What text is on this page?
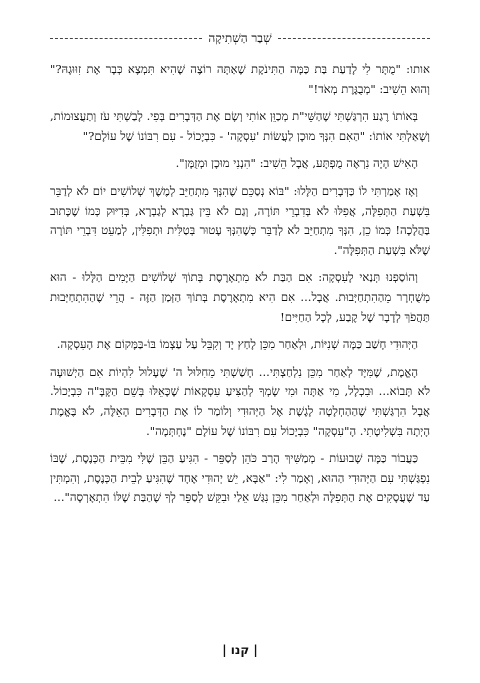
שְׁבַר הַשְׁתִיקָה

אותו: "מֻתָּר לִי לָדַעַת בַּת כַּמָּה הַתִּינֹקֶת שֶׁאַתָּה רוֹצֶה שֶׁהִיא תִּמְצָא כְּבָר אֶת זִוּוּגָהּ?" וְהוּא הֵשִׁיב: "מְבֻגֶּרֶת מְאֹד!"

בְּאוֹתוֹ רֶגַע הִרְגַּשְׁתִּי שֶׁהַשֵּׁי"ת מְכַוֵּן אוֹתִי וְשָׂם אֶת הַדְּבָרִים בְּפִי. לָבַשְׁתִּי עֹז וְתַעֲצוּמוֹת, וְשָׁאַלְתִּי אוֹתוֹ: "הַאִם הִנְּךָ מוּכָן לַעֲשׂוֹת 'עִסְקָה' - כִּבְיָכוֹל - עִם רִבּוֹנוֹ שֶׁל עוֹלָם?"

הָאִישׁ הָיָה נִרְאֶה מֻפְתָּע, אֲבָל הֵשִׁיב: "הִנְנִי מוּכָן וּמְזֻמָּן".

וְאָז אָמַרְתִּי לוֹ כַּדְּבָרִים הַלָּלוּ: "בּוֹא נְסַכֵּם שֶׁהִנְּךָ מִתְחַיֵּב לְמֶשֶׁךְ שְׁלוֹשִׁים יוֹם לֹא לְדַבֵּר בִּשְׁעַת הַתְּפִלָּה, אֲפִלּוּ לֹא בְּדִבְרֵי תּוֹרָה, וְגַם לֹא בֵּין גַּבְרָא לְגַבְרָא, בְּדִיּוּק כְּמוֹ שֶׁכָּתוּב בַּהֲלָכָה! כְּמוֹ כֵן, הִנְּךָ מִתְחַיֵּב לֹא לְדַבֵּר כְּשֶׁהִנְּךָ עָטוּר בְּטַלִּית וּתְפִלִּין, לְמַעֵט דִּבְרֵי תּוֹרָה שֶׁלֹּא בִּשְׁעַת הַתְּפִלָּה".

וְהוֹסַפְנוּ תְּנַאי לָעִסְקָה: אִם הַבַּת לֹא מִתְאָרֶסֶת בְּתוֹךְ שְׁלוֹשִׁים הַיָּמִים הַלָּלוּ - הוּא מְשֻׁחְרָר מֵהַהִתְחַיְּבוּת. אֲבָל... אִם הִיא מִתְאָרֶסֶת בְּתוֹךְ הַזְּמַן הַזֶּה - הֲרֵי שֶׁהַהִתְחַיְּבוּת תַּהֲפֹךְ לְדָבָר שֶׁל קֶבַע, לְכָל הַחַיִּים!

הַיְּהוּדִי חָשַׁב כַּמָּה שְׁנִיּוֹת, וּלְאַחַר מִכֵּן לָחַץ יָד וְקִבֵּל עַל עַצְמוֹ בּוֹ-בַּמָּקוֹם אֶת הָעִסְקָה.

הָאֱמֶת, שֶׁמִּיָּד לְאַחַר מִכֵּן נִלְחַצְתִּי... חָשַׁשְׁתִּי מֵחִלּוּל ה' שֶׁעָלוּל לִהְיוֹת אִם הַיְשׁוּעָה לֹא תָּבוֹא... וּבִכְלָל, מִי אַתָּה וּמִי שָׂמְךָ לְהַצִּיעַ עִסְקָאוֹת שֶׁכָּאֵלּוּ בְּשֵׁם הַקָּבָּ"ה כִּבְיָכוֹל. אֲבָל הִרְגַּשְׁתִּי שֶׁהַהַחְלָטָה לָגֶשֶׁת אֶל הַיְּהוּדִי וְלוֹמַר לוֹ אֶת הַדְּבָרִים הָאֵלֶּה, לֹא בֶּאֱמֶת הָיְתָה בִּשְׁלִיטָתִי. הָ"עִסְקָה" כִּבְיָכוֹל עִם רִבּוֹנוֹ שֶׁל עוֹלָם "נֶחְתְּמָה".

כַּעֲבוֹר כַּמָּה שָׁבוּעוֹת - מְמַשִּׁיךְ הָרַב כֹּהֵן לְסַפֵּר - הִגִּיעַ הַבֵּן שֶׁלִּי מִבֵּית הַכְּנֶסֶת, שֶׁבּוֹ נִפְגַּשְׁתִּי עִם הַיְּהוּדִי הַהוּא, וְאָמַר לִי: "אַבָּא, יֵשׁ יְהוּדִי אֶחָד שֶׁהִגִּיעַ לְבֵית הַכְּנֶסֶת, וְהִמְתִּין עַד שֶׁעֲסָקִים אֶת הַתְּפִלָּה וּלְאַחַר מִכֵּן נִגַּשׁ אֵלַי וּבִקֵּשׁ לְסַפֵּר לְךָ שֶׁהַבַּת שֶׁלּוֹ הִתְאָרְסָה"...

| קנו |
